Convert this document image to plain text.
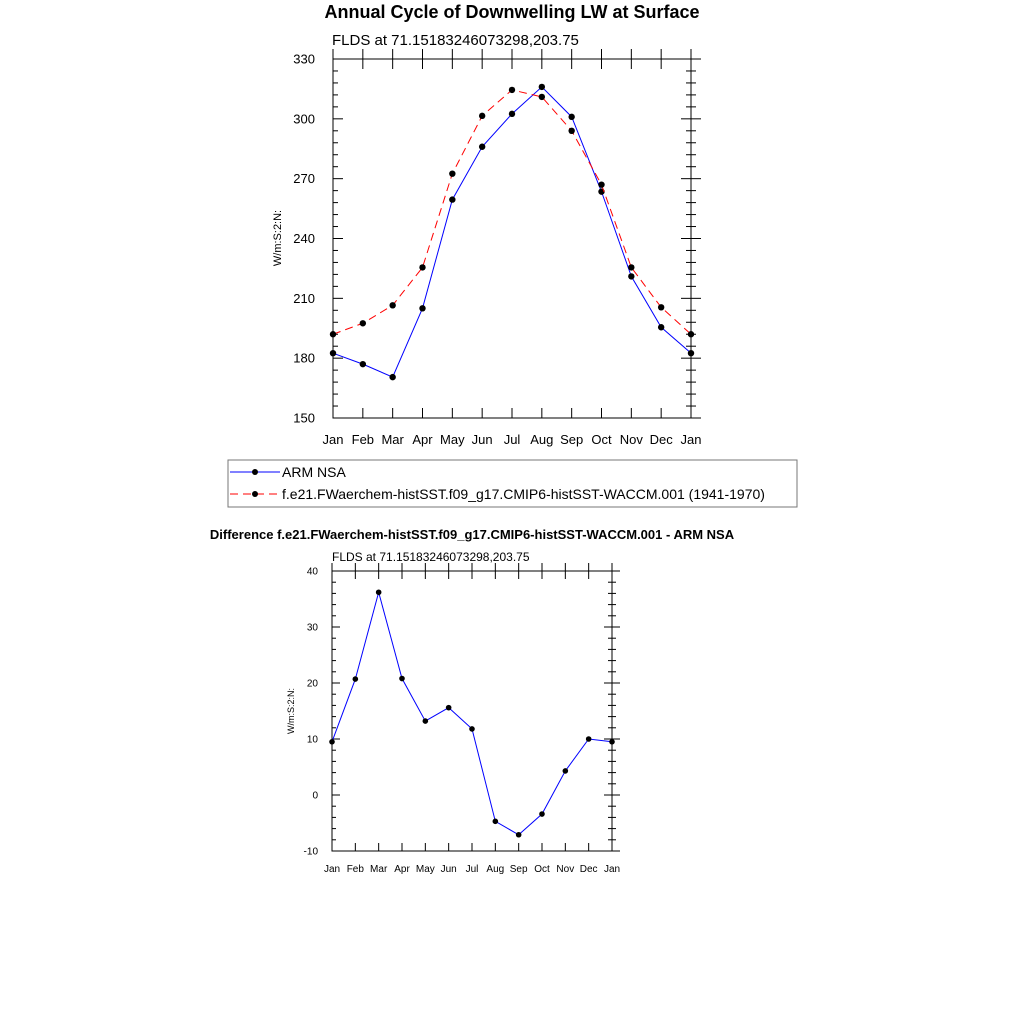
Annual Cycle of Downwelling LW at Surface
FLDS at 71.15183246073298,203.75
150
180
210
240
270
300
330
Jan Feb Mar Apr May Jun Jul Aug Sep Oct Nov Dec Jan
W/m:S:2:N:
ARM NSA
f.e21.FWaerchem-histSST.f09_g17.CMIP6-histSST-WACCM.001 (1941-1970)
Difference f.e21.FWaerchem-histSST.f09_g17.CMIP6-histSST-WACCM.001 - ARM NSA
FLDS at 71.15183246073298,203.75
-10
0
10
20
30
40
Jan Feb Mar Apr May Jun Jul Aug Sep Oct Nov Dec Jan
W/m:S:2:N:
